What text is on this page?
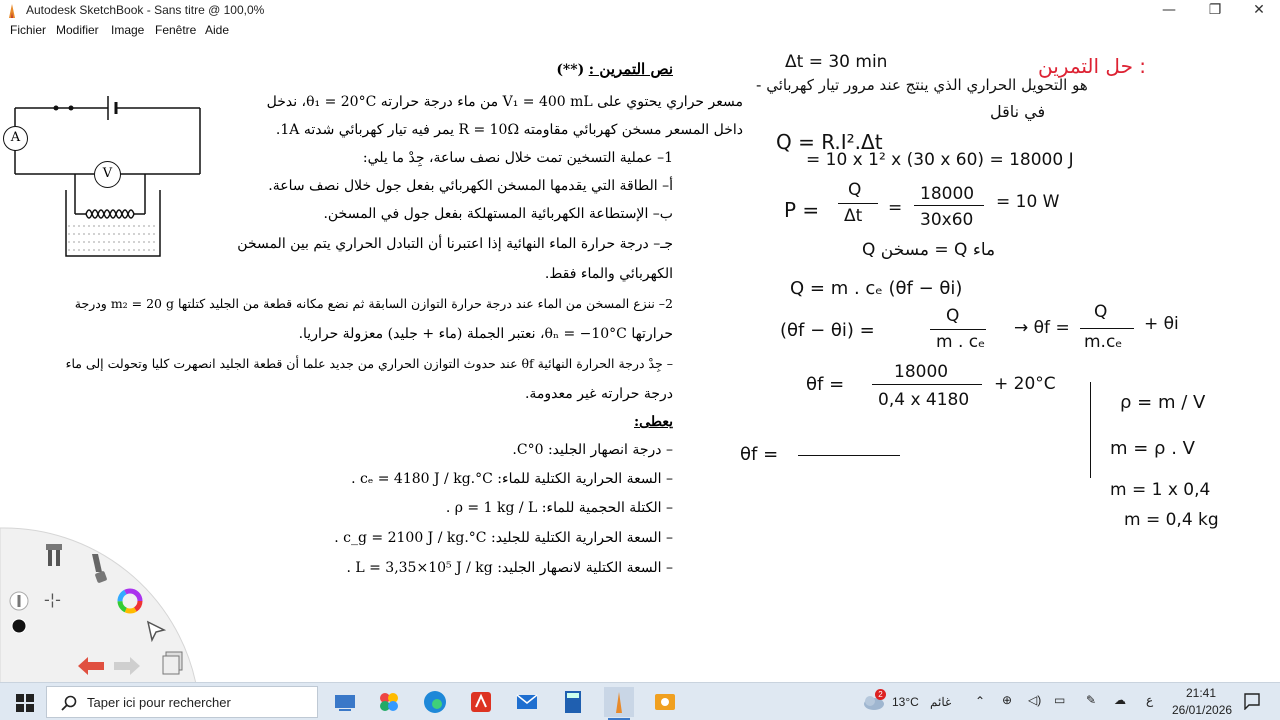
Autodesk SketchBook - Sans titre @ 100,0%	—	❐	✕
Fichier Modifier Image Fenêtre Aide
A
V
نص التمرين : (**)
مسعر حراري يحتوي على V₁ = 400 mL من ماء درجة حرارته θ₁ = 20°C، ندخل
داخل المسعر مسخن كهربائي مقاومته R = 10Ω يمر فيه تيار كهربائي شدته 1A.
1– عملية التسخين تمت خلال نصف ساعة، جِدْ ما يلي:
أ– الطاقة التي يقدمها المسخن الكهربائي بفعل جول خلال نصف ساعة.
ب– الإستطاعة الكهربائية المستهلكة بفعل جول في المسخن.
جـ– درجة حرارة الماء النهائية إذا اعتبرنا أن التبادل الحراري يتم بين المسخن
الكهربائي والماء فقط.
2– ننزع المسخن من الماء عند درجة حرارة التوازن السابقة ثم نضع مكانه قطعة من الجليد كتلتها m₂ = 20 g ودرجة
حرارتها θₙ = −10°C، نعتبر الجملة (ماء + جليد) معزولة حراريا.
– جِدْ درجة الحرارة النهائية θf عند حدوث التوازن الحراري من جديد علما أن قطعة الجليد انصهرت كليا وتحولت إلى ماء
درجة حرارته غير معدومة.
يعطى:
– درجة انصهار الجليد: 0°C.
– السعة الحرارية الكتلية للماء: cₑ = 4180 J / kg.°C .
– الكتلة الحجمية للماء: ρ = 1 kg / L .
– السعة الحرارية الكتلية للجليد: c_g = 2100 J / kg.°C .
– السعة الكتلية لانصهار الجليد: L = 3,35×10⁵ J / kg .
حل التمرين :
Δt = 30 min
- هو التحويل الحراري الذي ينتج عند مرور تيار كهربائي
في ناقل
Q = R.I².Δt
= 10 x 1² x (30 x 60) = 18000 J
P =
Q
Δt =
18000
30x60
= 10 W
Q مسخن = Q ماء
Q = m . cₑ (θf − θi)
(θf − θi) =
Q
m . cₑ
→ θf =
Q
m.cₑ
+ θi
θf =
18000
0,4 x 4180
+ 20°C
θf =
ρ = m / V
m = ρ . V
m = 1 x 0,4
m = 0,4 kg
-¦-
Taper ici pour rechercher
2
13°C غائم ⌃ ⊕ ◁) ▭ ✎ ☁ ع	21:41
26/01/2026
